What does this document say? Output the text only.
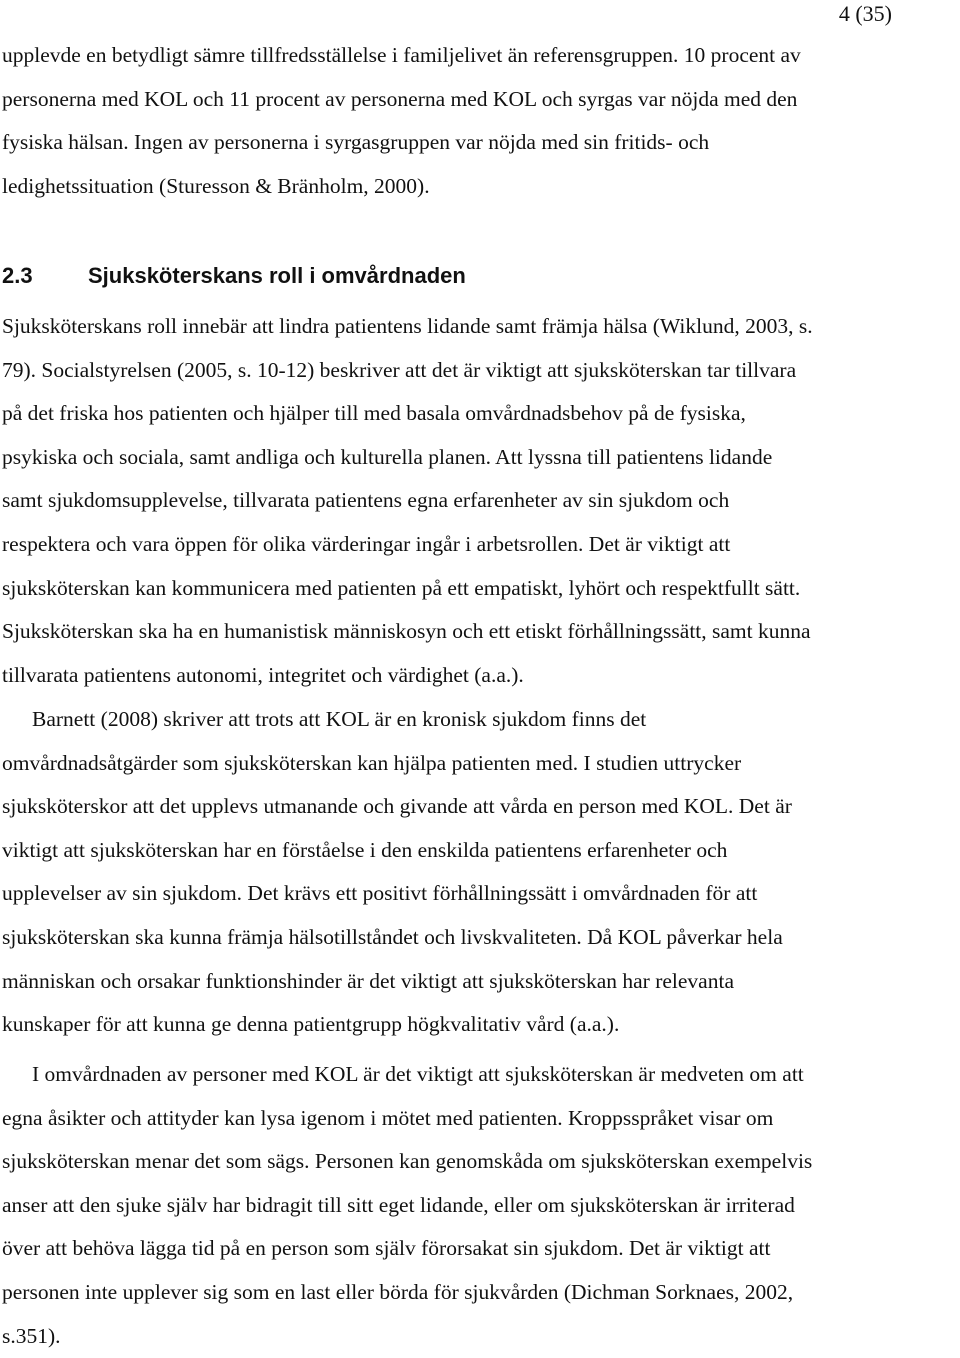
4 (35)

upplevde en betydligt sämre tillfredsställelse i familjelivet än referensgruppen. 10 procent av
personerna med KOL och 11 procent av personerna med KOL och syrgas var nöjda med den
fysiska hälsan. Ingen av personerna i syrgasgruppen var nöjda med sin fritids- och
ledighetssituation (Sturesson & Bränholm, 2000).

2.3	Sjuksköterskans roll i omvårdnaden

Sjuksköterskans roll innebär att lindra patientens lidande samt främja hälsa (Wiklund, 2003, s.
79). Socialstyrelsen (2005, s. 10-12) beskriver att det är viktigt att sjuksköterskan tar tillvara
på det friska hos patienten och hjälper till med basala omvårdnadsbehov på de fysiska,
psykiska och sociala, samt andliga och kulturella planen. Att lyssna till patientens lidande
samt sjukdomsupplevelse, tillvarata patientens egna erfarenheter av sin sjukdom och
respektera och vara öppen för olika värderingar ingår i arbetsrollen. Det är viktigt att
sjuksköterskan kan kommunicera med patienten på ett empatiskt, lyhört och respektfullt sätt.
Sjuksköterskan ska ha en humanistisk människosyn och ett etiskt förhållningssätt, samt kunna
tillvarata patientens autonomi, integritet och värdighet (a.a.).

Barnett (2008) skriver att trots att KOL är en kronisk sjukdom finns det
omvårdnadsåtgärder som sjuksköterskan kan hjälpa patienten med. I studien uttrycker
sjuksköterskor att det upplevs utmanande och givande att vårda en person med KOL. Det är
viktigt att sjuksköterskan har en förståelse i den enskilda patientens erfarenheter och
upplevelser av sin sjukdom. Det krävs ett positivt förhållningssätt i omvårdnaden för att
sjuksköterskan ska kunna främja hälsotillståndet och livskvaliteten. Då KOL påverkar hela
människan och orsakar funktionshinder är det viktigt att sjuksköterskan har relevanta
kunskaper för att kunna ge denna patientgrupp högkvalitativ vård (a.a.).

I omvårdnaden av personer med KOL är det viktigt att sjuksköterskan är medveten om att
egna åsikter och attityder kan lysa igenom i mötet med patienten. Kroppsspråket visar om
sjuksköterskan menar det som sägs. Personen kan genomskåda om sjuksköterskan exempelvis
anser att den sjuke själv har bidragit till sitt eget lidande, eller om sjuksköterskan är irriterad
över att behöva lägga tid på en person som själv förorsakat sin sjukdom. Det är viktigt att
personen inte upplever sig som en last eller börda för sjukvården (Dichman Sorknaes, 2002,
s.351).
